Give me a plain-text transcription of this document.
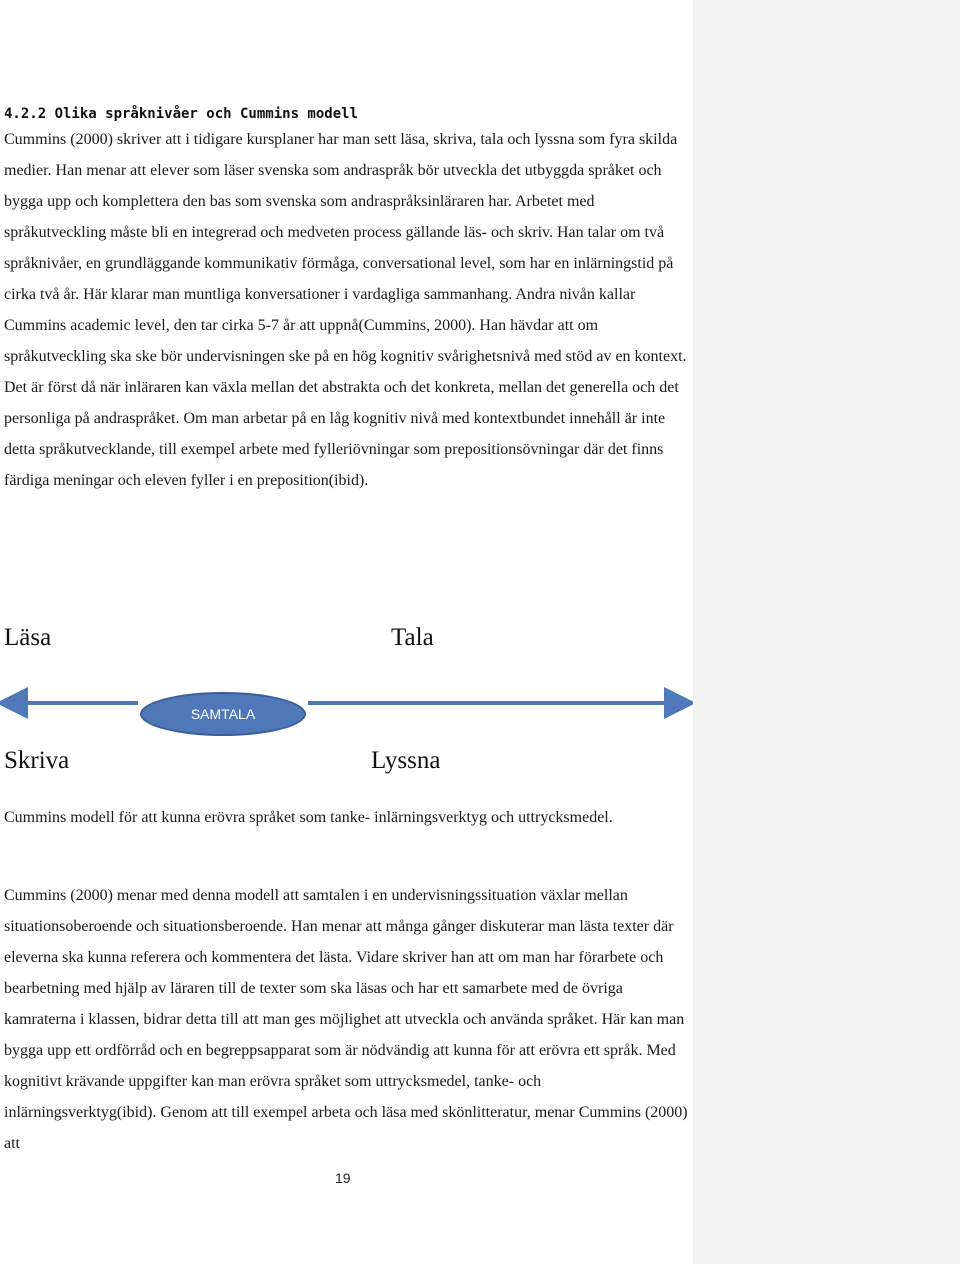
4.2.2 Olika språknivåer och Cummins modell
Cummins (2000) skriver att i tidigare kursplaner har man sett läsa, skriva, tala och lyssna som fyra skilda medier. Han menar att elever som läser svenska som andraspråk bör utveckla det utbyggda språket och bygga upp och komplettera den bas som svenska som andraspråksinläraren har. Arbetet med språkutveckling måste bli en integrerad och medveten process gällande läs- och skriv. Han talar om två språknivåer, en grundläggande kommunikativ förmåga, conversational level, som har en inlärningstid på cirka två år. Här klarar man muntliga konversationer i vardagliga sammanhang. Andra nivån kallar Cummins academic level, den tar cirka 5-7 år att uppnå(Cummins, 2000). Han hävdar att om språkutveckling ska ske bör undervisningen ske på en hög kognitiv svårighetsnivå med stöd av en kontext. Det är först då när inläraren kan växla mellan det abstrakta och det konkreta, mellan det generella och det personliga på andraspråket. Om man arbetar på en låg kognitiv nivå med kontextbundet innehåll är inte detta språkutvecklande, till exempel arbete med fylleriövningar som prepositionsövningar där det finns färdiga meningar och eleven fyller i en preposition(ibid).
Läsa	Tala
SAMTALA
Skriva	Lyssna
Cummins modell för att kunna erövra språket som tanke- inlärningsverktyg och uttrycksmedel.
Cummins (2000) menar med denna modell att samtalen i en undervisningssituation växlar mellan situationsoberoende och situationsberoende. Han menar att många gånger diskuterar man lästa texter där eleverna ska kunna referera och kommentera det lästa. Vidare skriver han att om man har förarbete och bearbetning med hjälp av läraren till de texter som ska läsas och har ett samarbete med de övriga kamraterna i klassen, bidrar detta till att man ges möjlighet att utveckla och använda språket. Här kan man bygga upp ett ordförråd och en begreppsapparat som är nödvändig att kunna för att erövra ett språk. Med kognitivt krävande uppgifter kan man erövra språket som uttrycksmedel, tanke- och inlärningsverktyg(ibid). Genom att till exempel arbeta och läsa med skönlitteratur, menar Cummins (2000) att
19
